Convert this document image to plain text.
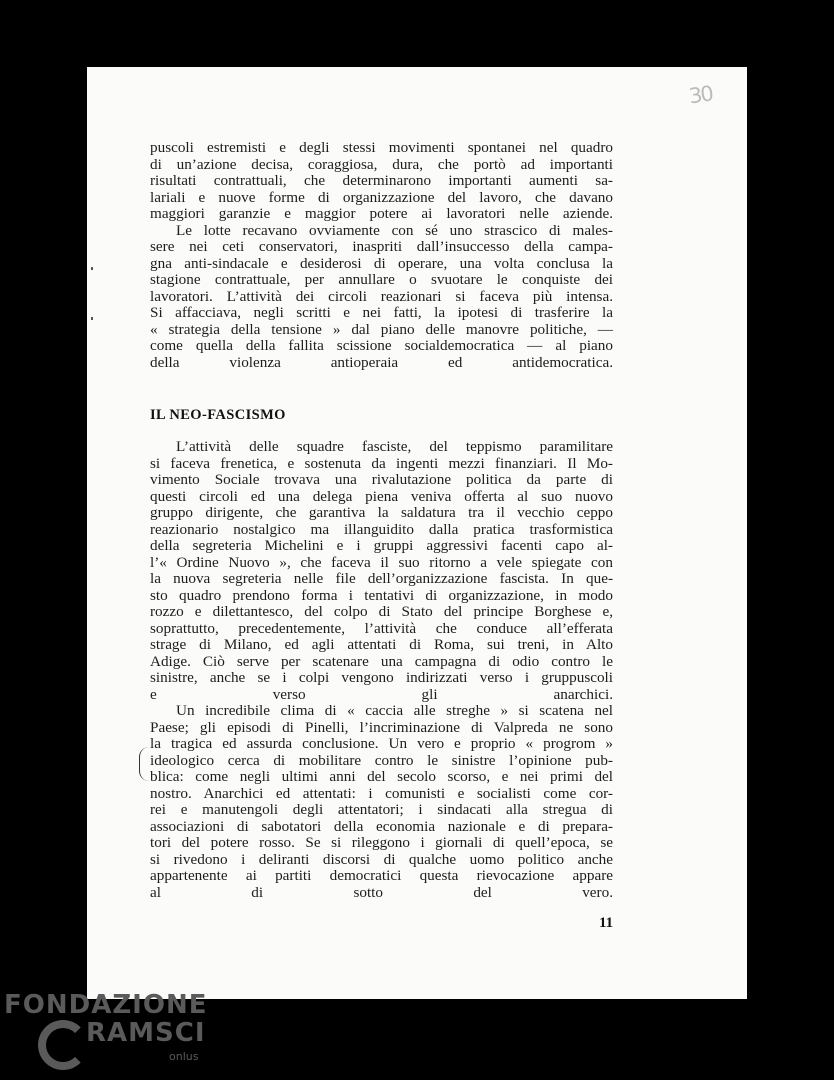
30

puscoli estremisti e degli stessi movimenti spontanei nel quadro
di un’azione decisa, coraggiosa, dura, che portò ad importanti
risultati contrattuali, che determinarono importanti aumenti sa-
lariali e nuove forme di organizzazione del lavoro, che davano
maggiori garanzie e maggior potere ai lavoratori nelle aziende.

Le lotte recavano ovviamente con sé uno strascico di males-
sere nei ceti conservatori, inaspriti dall’insuccesso della campa-
gna anti-sindacale e desiderosi di operare, una volta conclusa la
stagione contrattuale, per annullare o svuotare le conquiste dei
lavoratori. L’attività dei circoli reazionari si faceva più intensa.
Si affacciava, negli scritti e nei fatti, la ipotesi di trasferire la
« strategia della tensione » dal piano delle manovre politiche, —
come quella della fallita scissione socialdemocratica — al piano
della violenza antioperaia ed antidemocratica.

IL NEO-FASCISMO

L’attività delle squadre fasciste, del teppismo paramilitare
si faceva frenetica, e sostenuta da ingenti mezzi finanziari. Il Mo-
vimento Sociale trovava una rivalutazione politica da parte di
questi circoli ed una delega piena veniva offerta al suo nuovo
gruppo dirigente, che garantiva la saldatura tra il vecchio ceppo
reazionario nostalgico ma illanguidito dalla pratica trasformistica
della segreteria Michelini e i gruppi aggressivi facenti capo al-
l’« Ordine Nuovo », che faceva il suo ritorno a vele spiegate con
la nuova segreteria nelle file dell’organizzazione fascista. In que-
sto quadro prendono forma i tentativi di organizzazione, in modo
rozzo e dilettantesco, del colpo di Stato del principe Borghese e,
soprattutto, precedentemente, l’attività che conduce all’efferata
strage di Milano, ed agli attentati di Roma, sui treni, in Alto
Adige. Ciò serve per scatenare una campagna di odio contro le
sinistre, anche se i colpi vengono indirizzati verso i gruppuscoli
e verso gli anarchici.

Un incredibile clima di « caccia alle streghe » si scatena nel
Paese; gli episodi di Pinelli, l’incriminazione di Valpreda ne sono
la tragica ed assurda conclusione. Un vero e proprio « progrom »
ideologico cerca di mobilitare contro le sinistre l’opinione pub-
blica: come negli ultimi anni del secolo scorso, e nei primi del
nostro. Anarchici ed attentati: i comunisti e socialisti come cor-
rei e manutengoli degli attentatori; i sindacati alla stregua di
associazioni di sabotatori della economia nazionale e di prepara-
tori del potere rosso. Se si rileggono i giornali di quell’epoca, se
si rivedono i deliranti discorsi di qualche uomo politico anche
appartenente ai partiti democratici questa rievocazione appare
al di sotto del vero.

11
FONDAZIONE
RAMSCI
onlus
